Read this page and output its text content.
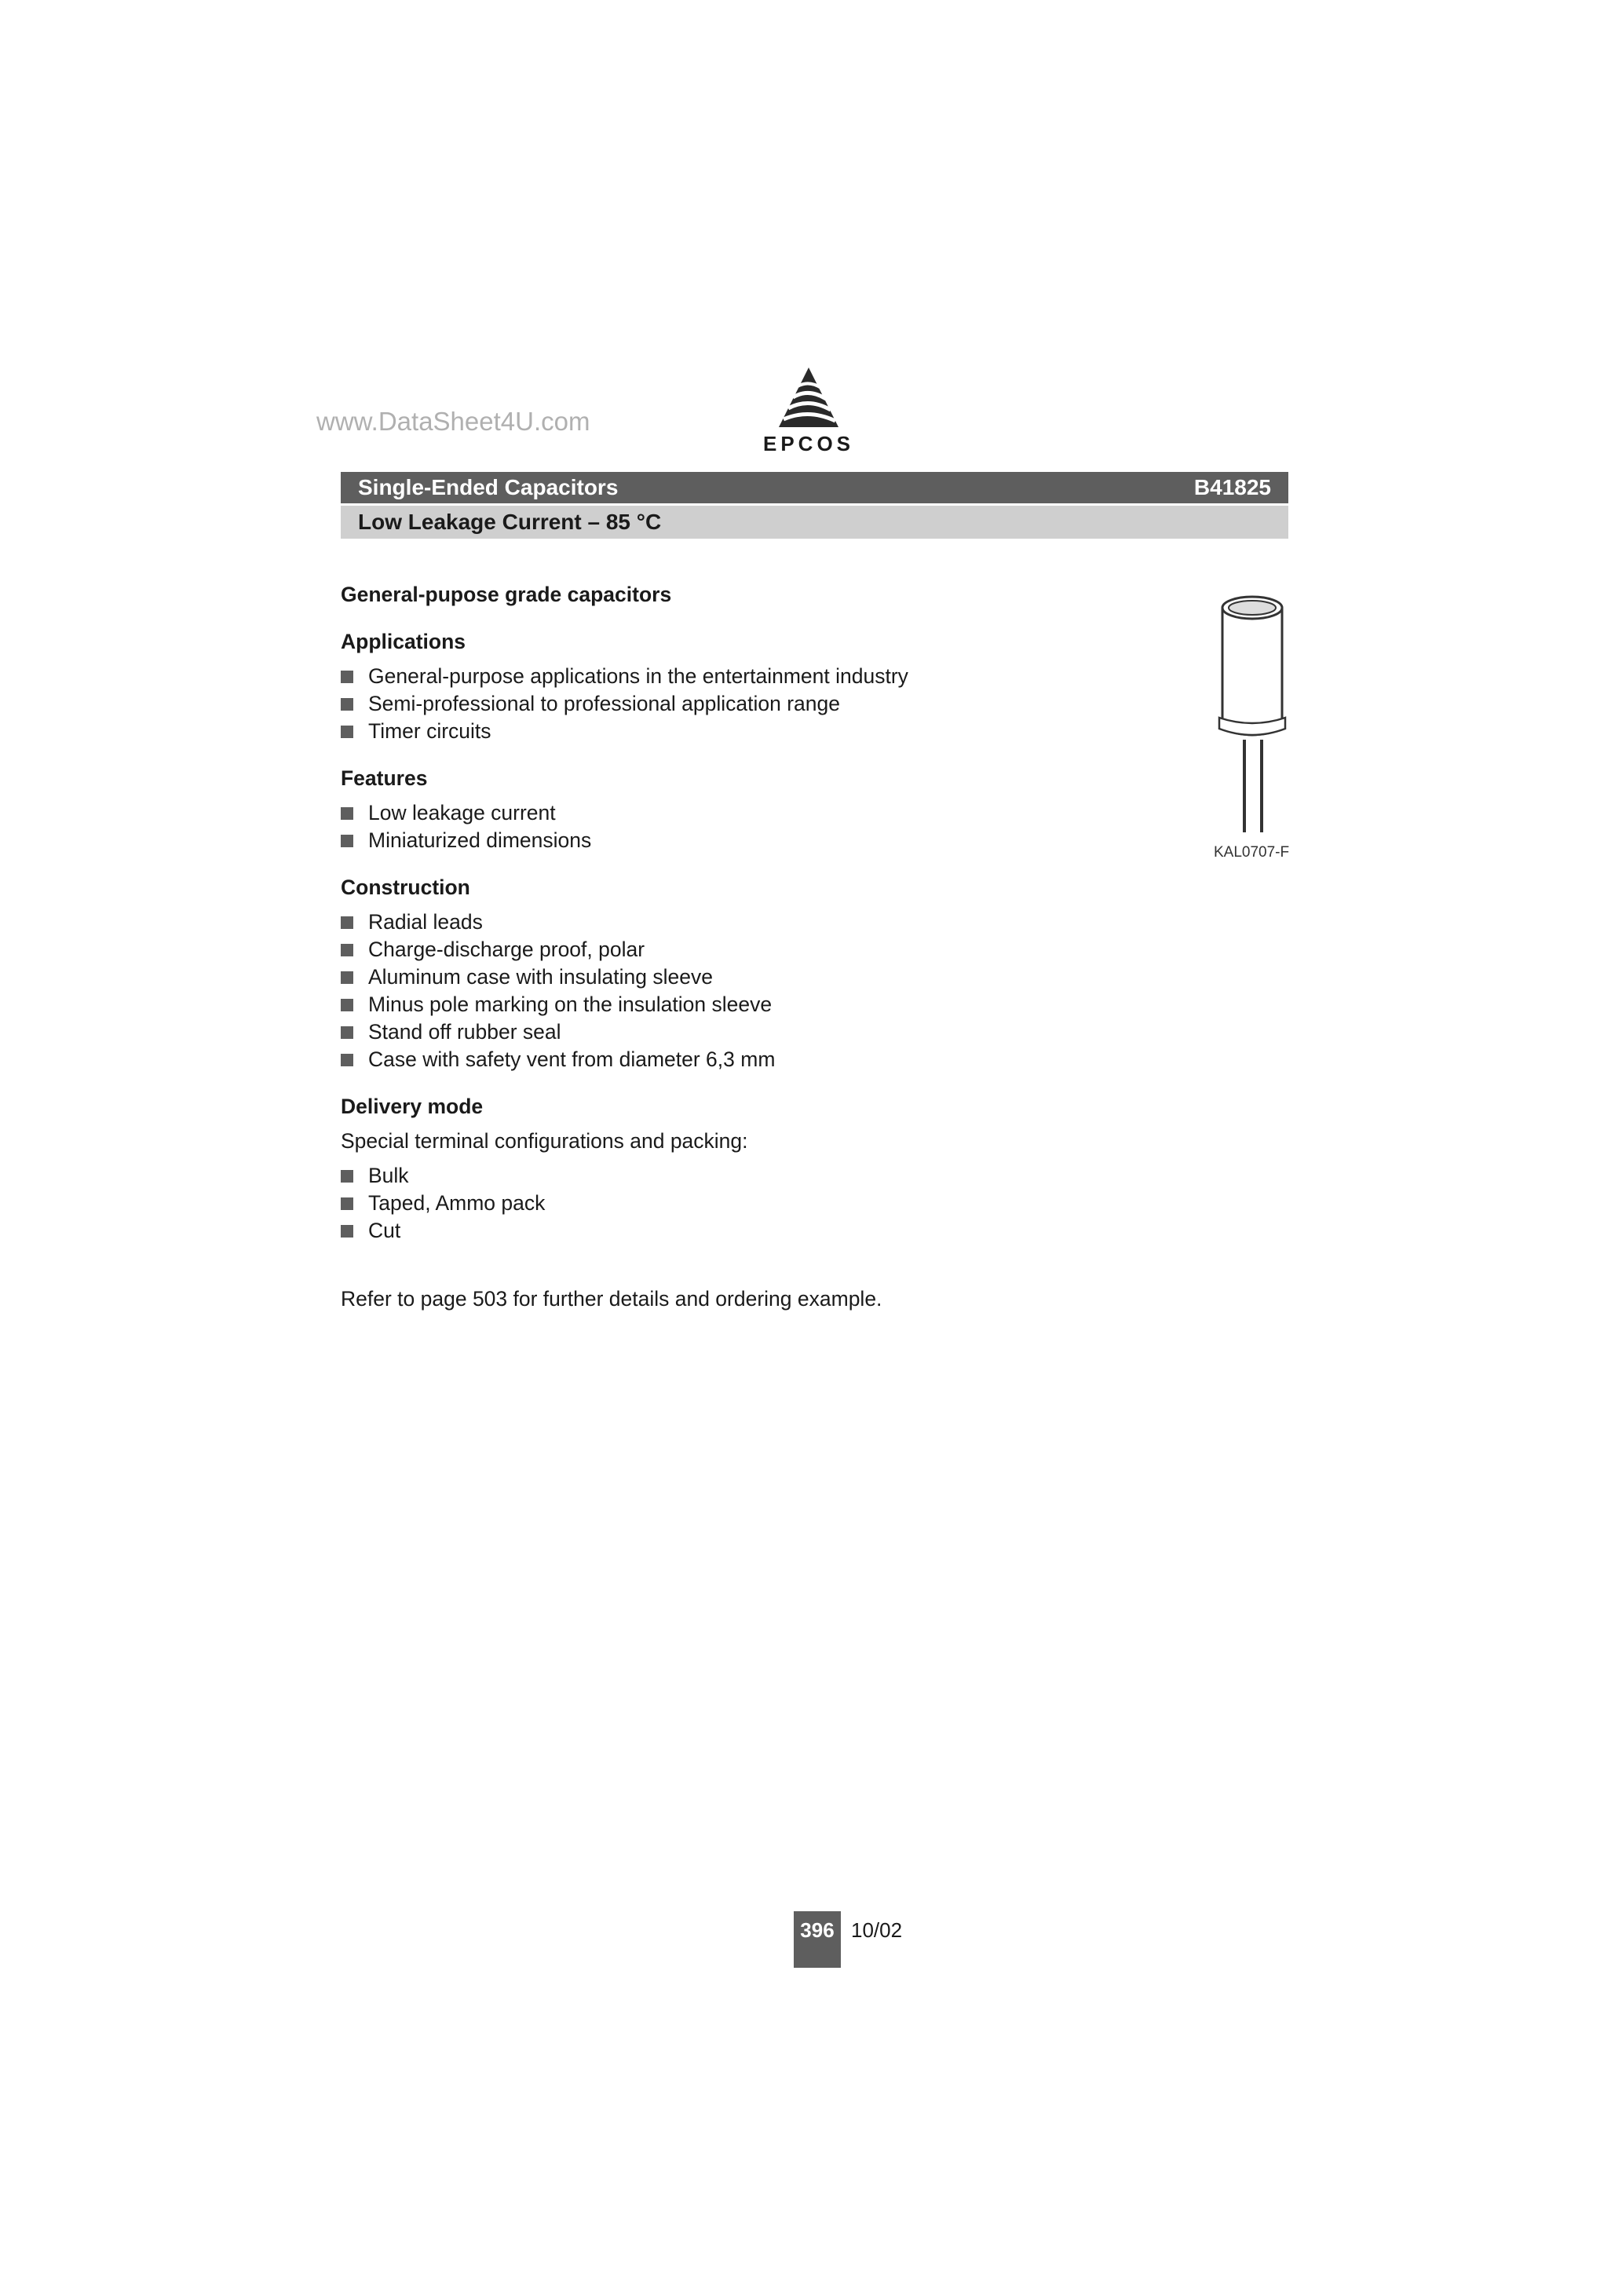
www.DataSheet4U.com
EPCOS
Single-Ended Capacitors	B41825
Low Leakage Current – 85 °C

General-pupose grade capacitors

Applications

General-purpose applications in the entertainment industry
Semi-professional to professional application range
Timer circuits

Features

Low leakage current
Miniaturized dimensions

Construction

Radial leads
Charge-discharge proof, polar
Aluminum case with insulating sleeve
Minus pole marking on the insulation sleeve
Stand off rubber seal
Case with safety vent from diameter 6,3 mm

Delivery mode

Special terminal configurations and packing:
Bulk
Taped, Ammo pack
Cut
Refer to page 503 for further details and ordering example.
KAL0707-F
396 10/02
